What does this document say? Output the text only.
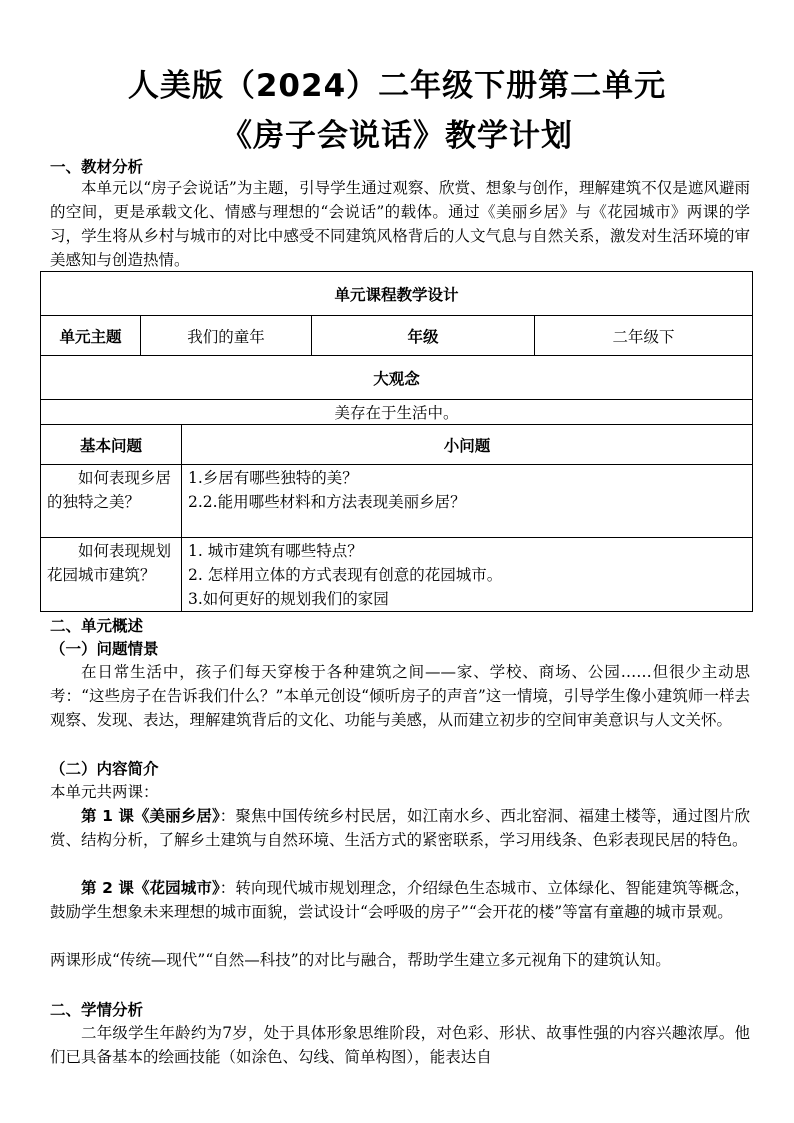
人美版（2024）二年级下册第二单元
《房子会说话》教学计划
一、教材分析
本单元以“房子会说话”为主题，引导学生通过观察、欣赏、想象与创作，理解建筑不仅是遮风避雨的空间，更是承载文化、情感与理想的“会说话”的载体。通过《美丽乡居》与《花园城市》两课的学习，学生将从乡村与城市的对比中感受不同建筑风格背后的人文气息与自然关系，激发对生活环境的审美感知与创造热情。
单元课程教学设计				
单元主题	我们的童年		年级	二年级下
大观念				
美存在于生活中。				
基本问题		小问题		
如何表现乡居的独特之美？		1.乡居有哪些独特的美？
2.2.能用哪些材料和方法表现美丽乡居？		

如何表现规划花园城市建筑？		1. 城市建筑有哪些特点？
2. 怎样用立体的方式表现有创意的花园城市。
3.如何更好的规划我们的家园		
二、单元概述
（一）问题情景
在日常生活中，孩子们每天穿梭于各种建筑之间——家、学校、商场、公园……但很少主动思考：“这些房子在告诉我们什么？”本单元创设“倾听房子的声音”这一情境，引导学生像小建筑师一样去观察、发现、表达，理解建筑背后的文化、功能与美感，从而建立初步的空间审美意识与人文关怀。
（二）内容简介
本单元共两课：
第 1 课《美丽乡居》：聚焦中国传统乡村民居，如江南水乡、西北窑洞、福建土楼等，通过图片欣赏、结构分析，了解乡土建筑与自然环境、生活方式的紧密联系，学习用线条、色彩表现民居的特色。
第 2 课《花园城市》：转向现代城市规划理念，介绍绿色生态城市、立体绿化、智能建筑等概念，鼓励学生想象未来理想的城市面貌，尝试设计“会呼吸的房子”“会开花的楼”等富有童趣的城市景观。
两课形成“传统—现代”“自然—科技”的对比与融合，帮助学生建立多元视角下的建筑认知。
二、学情分析
二年级学生年龄约为7岁，处于具体形象思维阶段，对色彩、形状、故事性强的内容兴趣浓厚。他们已具备基本的绘画技能（如涂色、勾线、简单构图），能表达自
